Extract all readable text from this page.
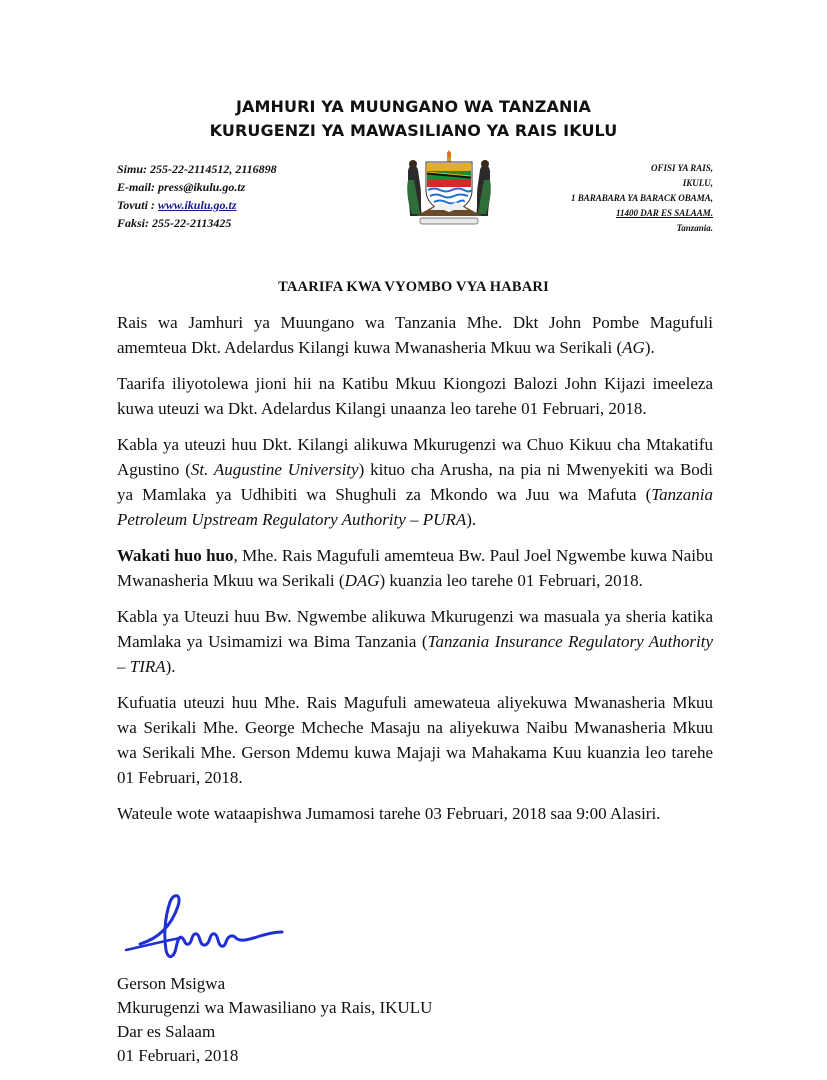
JAMHURI YA MUUNGANO WA TANZANIA
KURUGENZI YA MAWASILIANO YA RAIS IKULU
Simu: 255-22-2114512, 2116898
E-mail: press@ikulu.go.tz
Tovuti : www.ikulu.go.tz
Faksi: 255-22-2113425
OFISI YA RAIS,
IKULU,
1 BARABARA YA BARACK OBAMA,
11400 DAR ES SALAAM.
Tanzania.
TAARIFA KWA VYOMBO VYA HABARI

Rais wa Jamhuri ya Muungano wa Tanzania Mhe. Dkt John Pombe Magufuli amemteua Dkt. Adelardus Kilangi kuwa Mwanasheria Mkuu wa Serikali (AG).

Taarifa iliyotolewa jioni hii na Katibu Mkuu Kiongozi Balozi John Kijazi imeeleza kuwa uteuzi wa Dkt. Adelardus Kilangi unaanza leo tarehe 01 Februari, 2018.

Kabla ya uteuzi huu Dkt. Kilangi alikuwa Mkurugenzi wa Chuo Kikuu cha Mtakatifu Agustino (St. Augustine University) kituo cha Arusha, na pia ni Mwenyekiti wa Bodi ya Mamlaka ya Udhibiti wa Shughuli za Mkondo wa Juu wa Mafuta (Tanzania Petroleum Upstream Regulatory Authority – PURA).

Wakati huo huo, Mhe. Rais Magufuli amemteua Bw. Paul Joel Ngwembe kuwa Naibu Mwanasheria Mkuu wa Serikali (DAG) kuanzia leo tarehe 01 Februari, 2018.

Kabla ya Uteuzi huu Bw. Ngwembe alikuwa Mkurugenzi wa masuala ya sheria katika Mamlaka ya Usimamizi wa Bima Tanzania (Tanzania Insurance Regulatory Authority – TIRA).

Kufuatia uteuzi huu Mhe. Rais Magufuli amewateua aliyekuwa Mwanasheria Mkuu wa Serikali Mhe. George Mcheche Masaju na aliyekuwa Naibu Mwanasheria Mkuu wa Serikali Mhe. Gerson Mdemu kuwa Majaji wa Mahakama Kuu kuanzia leo tarehe 01 Februari, 2018.

Wateule wote wataapishwa Jumamosi tarehe 03 Februari, 2018 saa 9:00 Alasiri.

Gerson Msigwa
Mkurugenzi wa Mawasiliano ya Rais, IKULU
Dar es Salaam
01 Februari, 2018
